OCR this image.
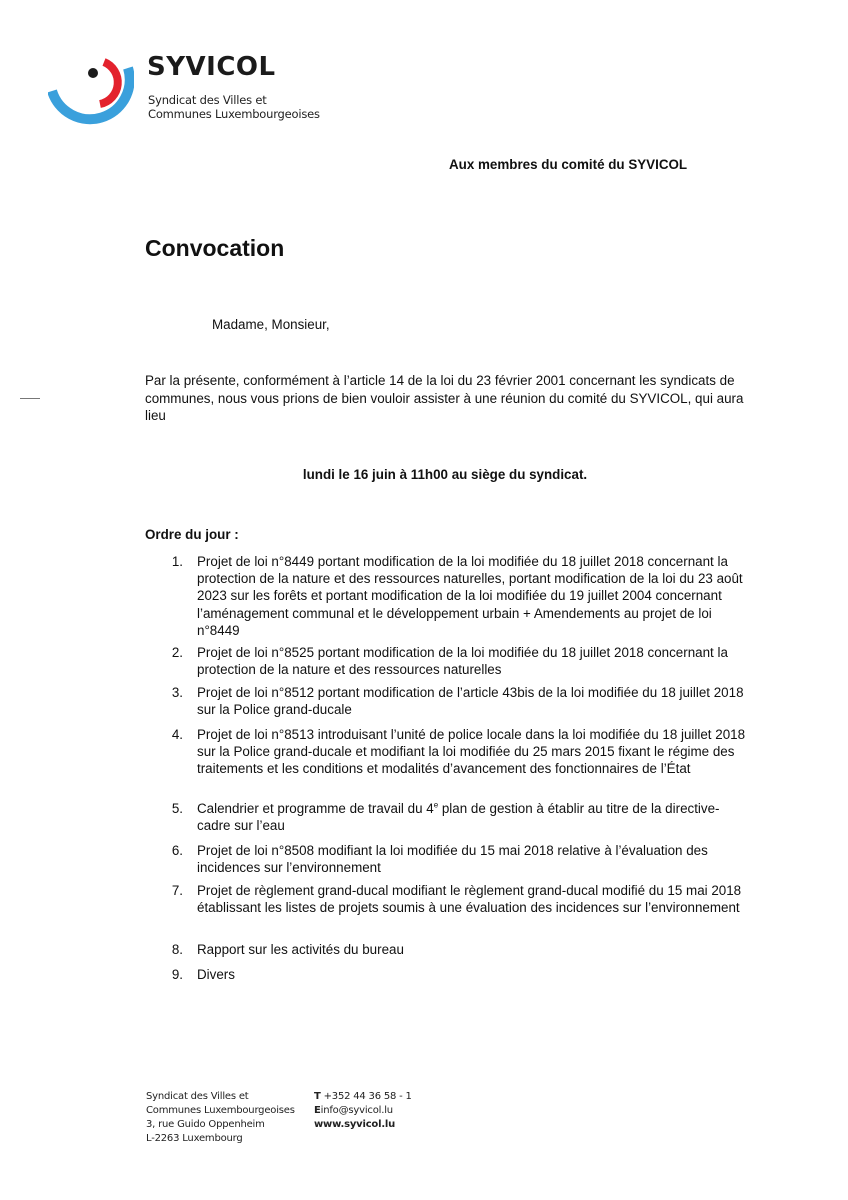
SYVICOL
Syndicat des Villes et
Communes Luxembourgeoises
Aux membres du comité du SYVICOL
Convocation
Madame, Monsieur,

Par la présente, conformément à l’article 14 de la loi du 23 février 2001 concernant les syndicats de communes, nous vous prions de bien vouloir assister à une réunion du comité du SYVICOL, qui aura lieu

lundi le 16 juin à 11h00 au siège du syndicat.
Ordre du jour :
1. Projet de loi n°8449 portant modification de la loi modifiée du 18 juillet 2018 concernant la protection de la nature et des ressources naturelles, portant modification de la loi du 23 août 2023 sur les forêts et portant modification de la loi modifiée du 19 juillet 2004 concernant l’aménagement communal et le développement urbain + Amendements au projet de loi n°8449
2. Projet de loi n°8525 portant modification de la loi modifiée du 18 juillet 2018 concernant la protection de la nature et des ressources naturelles
3. Projet de loi n°8512 portant modification de l’article 43bis de la loi modifiée du 18 juillet 2018 sur la Police grand-ducale
4. Projet de loi n°8513 introduisant l’unité de police locale dans la loi modifiée du 18 juillet 2018 sur la Police grand-ducale et modifiant la loi modifiée du 25 mars 2015 fixant le régime des traitements et les conditions et modalités d’avancement des fonctionnaires de l’État
5. Calendrier et programme de travail du 4e plan de gestion à établir au titre de la directive-cadre sur l’eau
6. Projet de loi n°8508 modifiant la loi modifiée du 15 mai 2018 relative à l’évaluation des incidences sur l’environnement
7. Projet de règlement grand-ducal modifiant le règlement grand-ducal modifié du 15 mai 2018 établissant les listes de projets soumis à une évaluation des incidences sur l’environnement
8. Rapport sur les activités du bureau
9. Divers
Syndicat des Villes et
Communes Luxembourgeoises
3, rue Guido Oppenheim
L-2263 Luxembourg
T +352 44 36 58 - 1
Einfo@syvicol.lu
www.syvicol.lu
